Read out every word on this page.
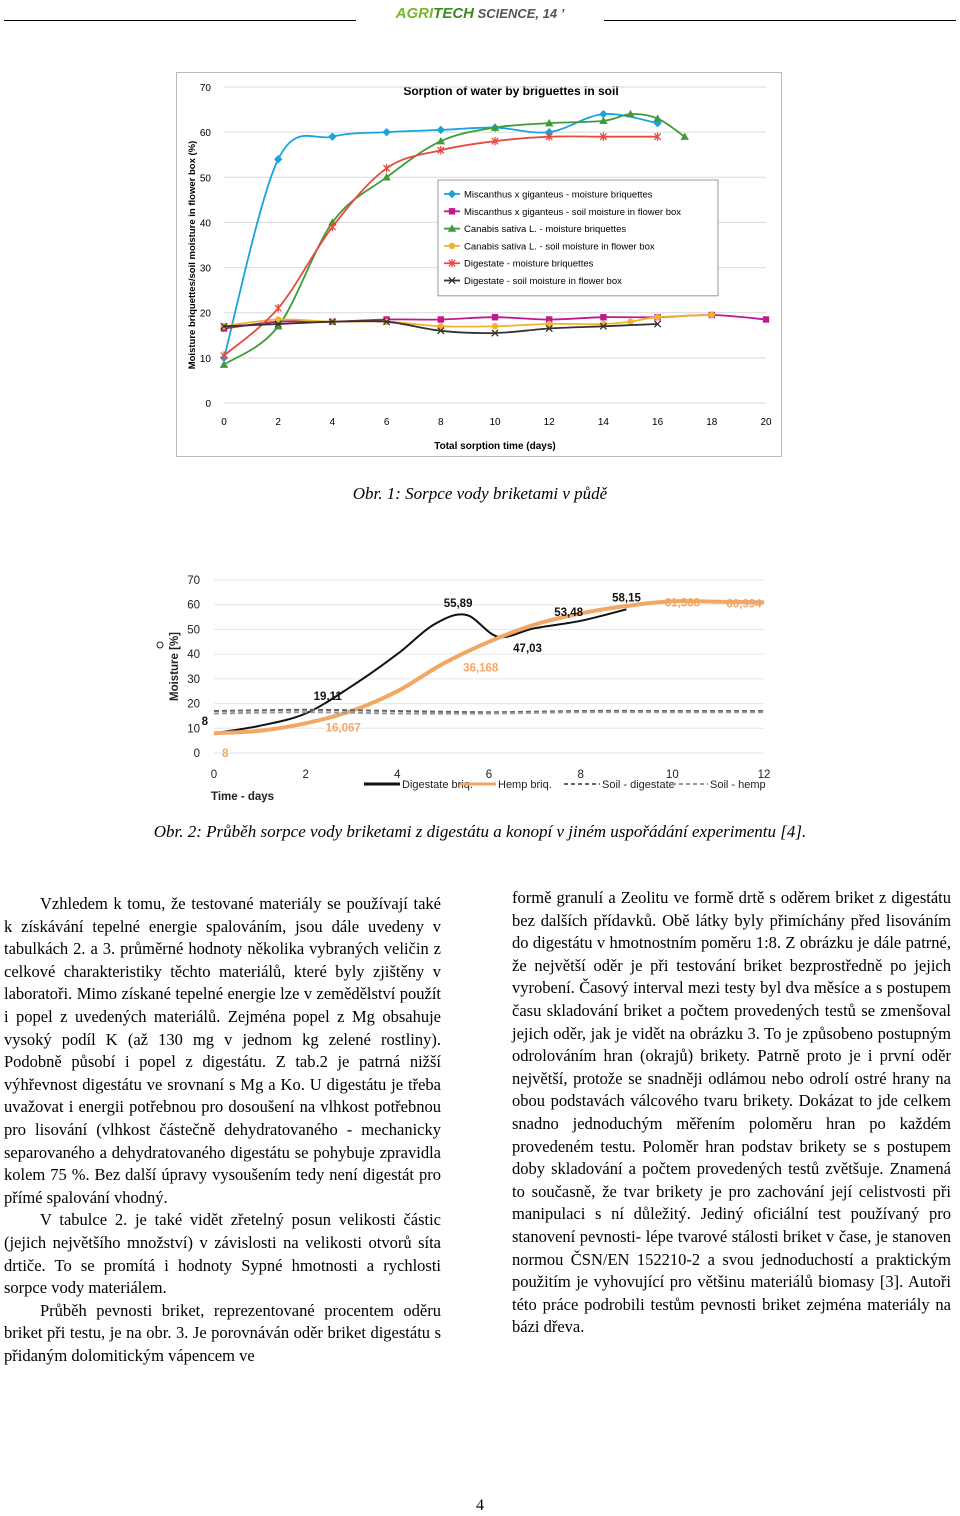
AGRITECH SCIENCE, 14 ’
Sorption of water by briguettes in soil
0
10
20
30
40
50
60
70
0	2	4	6	8	10	12	14	16	18	20
Total sorption time (days)
Moisture briquettes/soil moisture in flower box (%)	Miscanthus x giganteus - moisture briquettes
Miscanthus x giganteus - soil moisture in flower box
Canabis sativa L. - moisture briquettes
Canabis sativa L. - soil moisture in flower box
Digestate - moisture briquettes
Digestate - soil moisture in flower box
Obr. 1: Sorpce vody briketami v půdě
0
10
20
30
40
50
60
70
0	2	4	6	8	10	12
Moisture [%]
Time - days
55,89
47,03
53,48
58,15 61,368 60,994
36,168
19,11
16,067
8
8
Digestate briq. Hemp briq.	Soil - digestate	Soil - hemp
Obr. 2: Průběh sorpce vody briketami z digestátu a konopí v jiném uspořádání experimentu [4].

Vzhledem k tomu, že testované materiály se používají také k získávání tepelné energie spalováním, jsou dále uvedeny v tabulkách 2. a 3. průměrné hodnoty několika vybraných veličin z celkové charakteristiky těchto materiálů, které byly zjištěny v laboratoři. Mimo získané tepelné energie lze v zemědělství použít i popel z uvedených materiálů. Zejména popel z Mg obsahuje vysoký podíl K (až 130 mg v jednom kg zelené rostliny). Podobně působí i popel z digestátu. Z tab.2 je patrná nižší výhřevnost digestátu ve srovnaní s Mg a Ko. U digestátu je třeba uvažovat i energii potřebnou pro dosoušení na vlhkost potřebnou pro lisování (vlhkost částečně dehydratovaného - mechanicky separovaného a dehydratovaného digestátu se pohybuje zpravidla kolem 75 %. Bez další úpravy vysoušením tedy není digestát pro přímé spalování vhodný.

V tabulce 2. je také vidět zřetelný posun velikosti částic (jejich největšího množství) v závislosti na velikosti otvorů síta drtiče. To se promítá i hodnoty Sypné hmotnosti a rychlosti sorpce vody materiálem.

Průběh pevnosti briket, reprezentované procentem oděru briket při testu, je na obr. 3. Je porovnáván oděr briket digestátu s přidaným dolomitickým vápencem ve

formě granulí a Zeolitu ve formě drtě s oděrem briket z digestátu bez dalších přídavků. Obě látky byly přimíchány před lisováním do digestátu v hmotnostním poměru 1:8. Z obrázku je dále patrné, že největší oděr je při testování briket bezprostředně po jejich vyrobení. Časový interval mezi testy byl dva měsíce a s postupem času skladování briket a počtem provedených testů se zmenšoval jejich oděr, jak je vidět na obrázku 3. To je způsobeno postupným odrolováním hran (okrajů) brikety. Patrně proto je i první oděr největší, protože se snadněji odlámou nebo odrolí ostré hrany na obou podstavách válcového tvaru brikety. Dokázat to jde celkem snadno jednoduchým měřením poloměru hran po každém provedeném testu. Poloměr hran podstav brikety se s postupem doby skladování a počtem provedených testů zvětšuje. Znamená to současně, že tvar brikety je pro zachování její celistvosti při manipulaci s ní důležitý. Jediný oficiální test používaný pro stanovení pevnosti- lépe tvarové stálosti briket v čase, je stanoven normou ČSN/EN 152210-2 a svou jednoduchostí a praktickým použitím je vyhovující pro většinu materiálů biomasy [3]. Autoři této práce podrobili testům pevnosti briket zejména materiály na bázi dřeva.

4
